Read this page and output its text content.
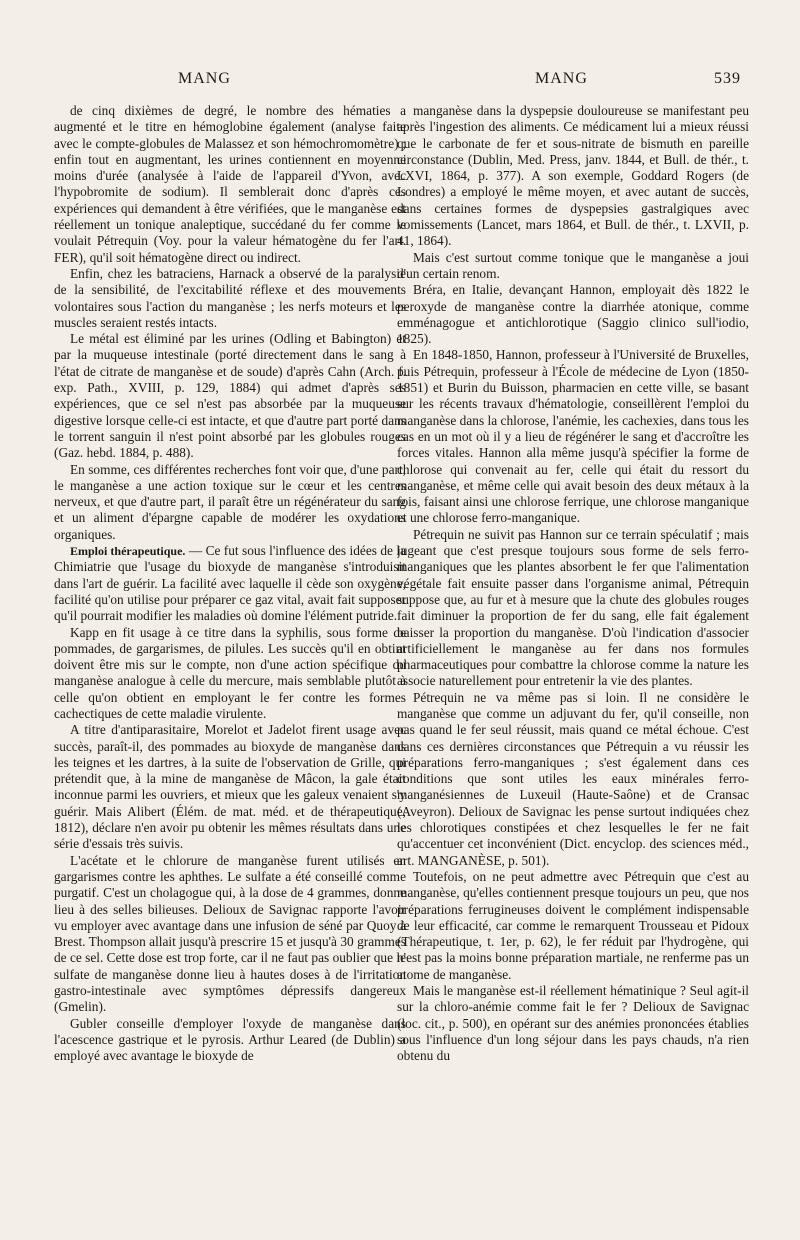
MANG	MANG	539

de cinq dixièmes de degré, le nombre des hématies a augmenté et le titre en hémoglobine également (analyse faite avec le compte-globules de Malassez et son hémochromomètre) ; enfin tout en augmentant, les urines contiennent en moyenne moins d'urée (analysée à l'aide de l'appareil d'Yvon, avec l'hypobromite de sodium). Il semblerait donc d'après ces expériences qui demandent à être vérifiées, que le manganèse est réellement un tonique analeptique, succédané du fer comme le voulait Pétrequin (Voy. pour la valeur hématogène du fer l'art. FER), qu'il soit hématogène direct ou indirect.

Enfin, chez les batraciens, Harnack a observé de la paralysie de la sensibilité, de l'excitabilité réflexe et des mouvements volontaires sous l'action du manganèse ; les nerfs moteurs et les muscles seraient restés intacts.

Le métal est éliminé par les urines (Odling et Babington) et par la muqueuse intestinale (porté directement dans le sang à l'état de citrate de manganèse et de soude) d'après Cahn (Arch. f. exp. Path., XVIII, p. 129, 1884) qui admet d'après ses expériences, que ce sel n'est pas absorbée par la muqueuse digestive lorsque celle-ci est intacte, et que d'autre part porté dans le torrent sanguin il n'est point absorbé par les globules rouges (Gaz. hebd. 1884, p. 488).

En somme, ces différentes recherches font voir que, d'une part, le manganèse a une action toxique sur le cœur et les centres nerveux, et que d'autre part, il paraît être un régénérateur du sang et un aliment d'épargne capable de modérer les oxydations organiques.

Emploi thérapeutique. — Ce fut sous l'influence des idées de la Chimiatrie que l'usage du bioxyde de manganèse s'introduisit dans l'art de guérir. La facilité avec laquelle il cède son oxygène, facilité qu'on utilise pour préparer ce gaz vital, avait fait supposer qu'il pourrait modifier les maladies où domine l'élément putride.

Kapp en fit usage à ce titre dans la syphilis, sous forme de pommades, de gargarismes, de pilules. Les succès qu'il en obtint doivent être mis sur le compte, non d'une action spécifique du manganèse analogue à celle du mercure, mais semblable plutôt à celle qu'on obtient en employant le fer contre les formes cachectiques de cette maladie virulente.

A titre d'antiparasitaire, Morelot et Jadelot firent usage avec succès, paraît-il, des pommades au bioxyde de manganèse dans les teignes et les dartres, à la suite de l'observation de Grille, qui prétendit que, à la mine de manganèse de Mâcon, la gale était inconnue parmi les ouvriers, et mieux que les galeux venaient s'y guérir. Mais Alibert (Élém. de mat. méd. et de thérapeutique, 1812), déclare n'en avoir pu obtenir les mêmes résultats dans une série d'essais très suivis.

L'acétate et le chlorure de manganèse furent utilisés en gargarismes contre les aphthes. Le sulfate a été conseillé comme purgatif. C'est un cholagogue qui, à la dose de 4 grammes, donne lieu à des selles bilieuses. Delioux de Savignac rapporte l'avoir vu employer avec avantage dans une infusion de séné par Quoy à Brest. Thompson allait jusqu'à prescrire 15 et jusqu'à 30 grammes de ce sel. Cette dose est trop forte, car il ne faut pas oublier que le sulfate de manganèse donne lieu à hautes doses à de l'irritation gastro-intestinale avec symptômes dépressifs dangereux (Gmelin).

Gubler conseille d'employer l'oxyde de manganèse dans l'acescence gastrique et le pyrosis. Arthur Leared (de Dublin) a employé avec avantage le bioxyde de

manganèse dans la dyspepsie douloureuse se manifestant peu après l'ingestion des aliments. Ce médicament lui a mieux réussi que le carbonate de fer et sous-nitrate de bismuth en pareille circonstance (Dublin, Med. Press, janv. 1844, et Bull. de thér., t. LXVI, 1864, p. 377). A son exemple, Goddard Rogers (de Londres) a employé le même moyen, et avec autant de succès, dans certaines formes de dyspepsies gastralgiques avec vomissements (Lancet, mars 1864, et Bull. de thér., t. LXVII, p. 41, 1864).

Mais c'est surtout comme tonique que le manganèse a joui d'un certain renom.

Bréra, en Italie, devançant Hannon, employait dès 1822 le peroxyde de manganèse contre la diarrhée atonique, comme emménagogue et antichlorotique (Saggio clinico sull'iodio, 1825).

En 1848-1850, Hannon, professeur à l'Université de Bruxelles, puis Pétrequin, professeur à l'École de médecine de Lyon (1850-1851) et Burin du Buisson, pharmacien en cette ville, se basant sur les récents travaux d'hématologie, conseillèrent l'emploi du manganèse dans la chlorose, l'anémie, les cachexies, dans tous les cas en un mot où il y a lieu de régénérer le sang et d'accroître les forces vitales. Hannon alla même jusqu'à spécifier la forme de chlorose qui convenait au fer, celle qui était du ressort du manganèse, et même celle qui avait besoin des deux métaux à la fois, faisant ainsi une chlorose ferrique, une chlorose manganique et une chlorose ferro-manganique.

Pétrequin ne suivit pas Hannon sur ce terrain spéculatif ; mais jugeant que c'est presque toujours sous forme de sels ferro-manganiques que les plantes absorbent le fer que l'alimentation végétale fait ensuite passer dans l'organisme animal, Pétrequin suppose que, au fur et à mesure que la chute des globules rouges fait diminuer la proportion de fer du sang, elle fait également baisser la proportion du manganèse. D'où l'indication d'associer artificiellement le manganèse au fer dans nos formules pharmaceutiques pour combattre la chlorose comme la nature les associe naturellement pour entretenir la vie des plantes.

Pétrequin ne va même pas si loin. Il ne considère le manganèse que comme un adjuvant du fer, qu'il conseille, non pas quand le fer seul réussit, mais quand ce métal échoue. C'est dans ces dernières circonstances que Pétrequin a vu réussir les préparations ferro-manganiques ; s'est également dans ces conditions que sont utiles les eaux minérales ferro-manganésiennes de Luxeuil (Haute-Saône) et de Cransac (Aveyron). Delioux de Savignac les pense surtout indiquées chez les chlorotiques constipées et chez lesquelles le fer ne fait qu'accentuer cet inconvénient (Dict. encyclop. des sciences méd., art. MANGANÈSE, p. 501).

Toutefois, on ne peut admettre avec Pétrequin que c'est au manganèse, qu'elles contiennent presque toujours un peu, que nos préparations ferrugineuses doivent le complément indispensable de leur efficacité, car comme le remarquent Trousseau et Pidoux (Thérapeutique, t. 1er, p. 62), le fer réduit par l'hydrogène, qui n'est pas la moins bonne préparation martiale, ne renferme pas un atome de manganèse.

Mais le manganèse est-il réellement hématinique ? Seul agit-il sur la chloro-anémie comme fait le fer ? Delioux de Savignac (loc. cit., p. 500), en opérant sur des anémies prononcées établies sous l'influence d'un long séjour dans les pays chauds, n'a rien obtenu du
